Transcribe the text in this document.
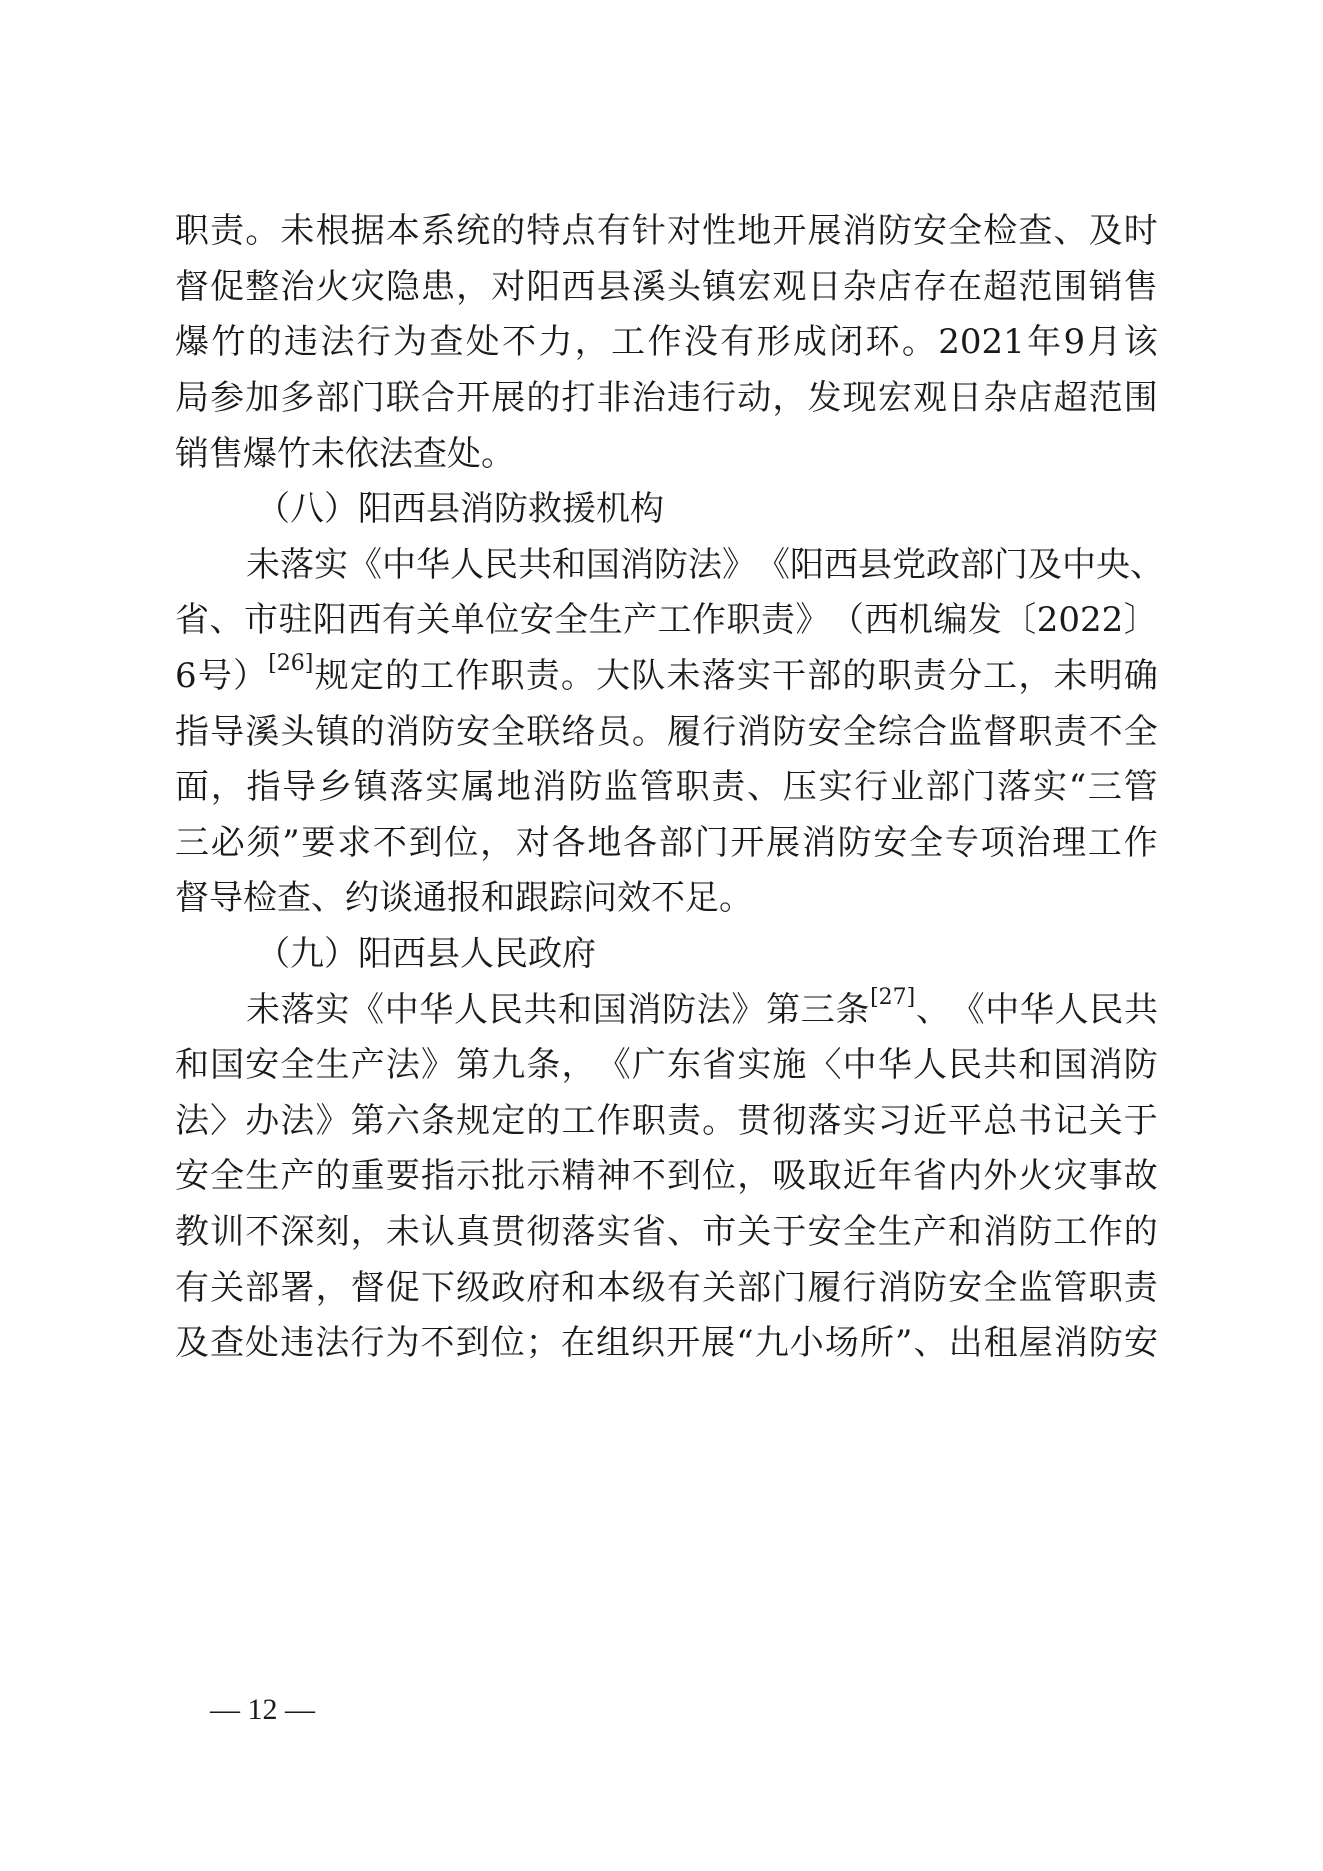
职 责 。 未 根 据 本 系 统 的 特 点 有 针 对 性 地 开 展 消 防 安 全 检 查 、 及 时
督 促 整 治 火 灾 隐 患 ， 对 阳 西 县 溪 头 镇 宏 观 日 杂 店 存 在 超 范 围 销 售
爆 竹 的 违 法 行 为 查 处 不 力 ， 工 作 没 有 形 成 闭 环 。 2021 年 9 月 该
局 参 加 多 部 门 联 合 开 展 的 打 非 治 违 行 动 ， 发 现 宏 观 日 杂 店 超 范 围
销售爆竹未依法查处。
（八）阳西县消防救援机构
未 落 实 《 中 华 人 民 共 和 国 消 防 法 》 《 阳 西 县 党 政 部 门 及 中 央 、
省 、 市 驻 阳 西 有 关 单 位 安 全 生 产 工 作 职 责 》 （ 西 机 编 发 〔 2022 〕
6 号 ） [26] 规 定 的 工 作 职 责 。 大 队 未 落 实 干 部 的 职 责 分 工 ， 未 明 确
指 导 溪 头 镇 的 消 防 安 全 联 络 员 。 履 行 消 防 安 全 综 合 监 督 职 责 不 全
面 ， 指 导 乡 镇 落 实 属 地 消 防 监 管 职 责 、 压 实 行 业 部 门 落 实 “ 三 管
三 必 须 ” 要 求 不 到 位 ， 对 各 地 各 部 门 开 展 消 防 安 全 专 项 治 理 工 作
督导检查、约谈通报和跟踪问效不足。
（九）阳西县人民政府
未 落 实 《 中 华 人 民 共 和 国 消 防 法 》 第 三 条 [27] 、 《 中 华 人 民 共
和 国 安 全 生 产 法 》 第 九 条 ， 《 广 东 省 实 施 〈 中 华 人 民 共 和 国 消 防
法 〉 办 法 》 第 六 条 规 定 的 工 作 职 责 。 贯 彻 落 实 习 近 平 总 书 记 关 于
安 全 生 产 的 重 要 指 示 批 示 精 神 不 到 位 ， 吸 取 近 年 省 内 外 火 灾 事 故
教 训 不 深 刻 ， 未 认 真 贯 彻 落 实 省 、 市 关 于 安 全 生 产 和 消 防 工 作 的
有 关 部 署 ， 督 促 下 级 政 府 和 本 级 有 关 部 门 履 行 消 防 安 全 监 管 职 责
及 查 处 违 法 行 为 不 到 位 ； 在 组 织 开 展 “ 九 小 场 所 ” 、 出 租 屋 消 防 安
— 12 —
